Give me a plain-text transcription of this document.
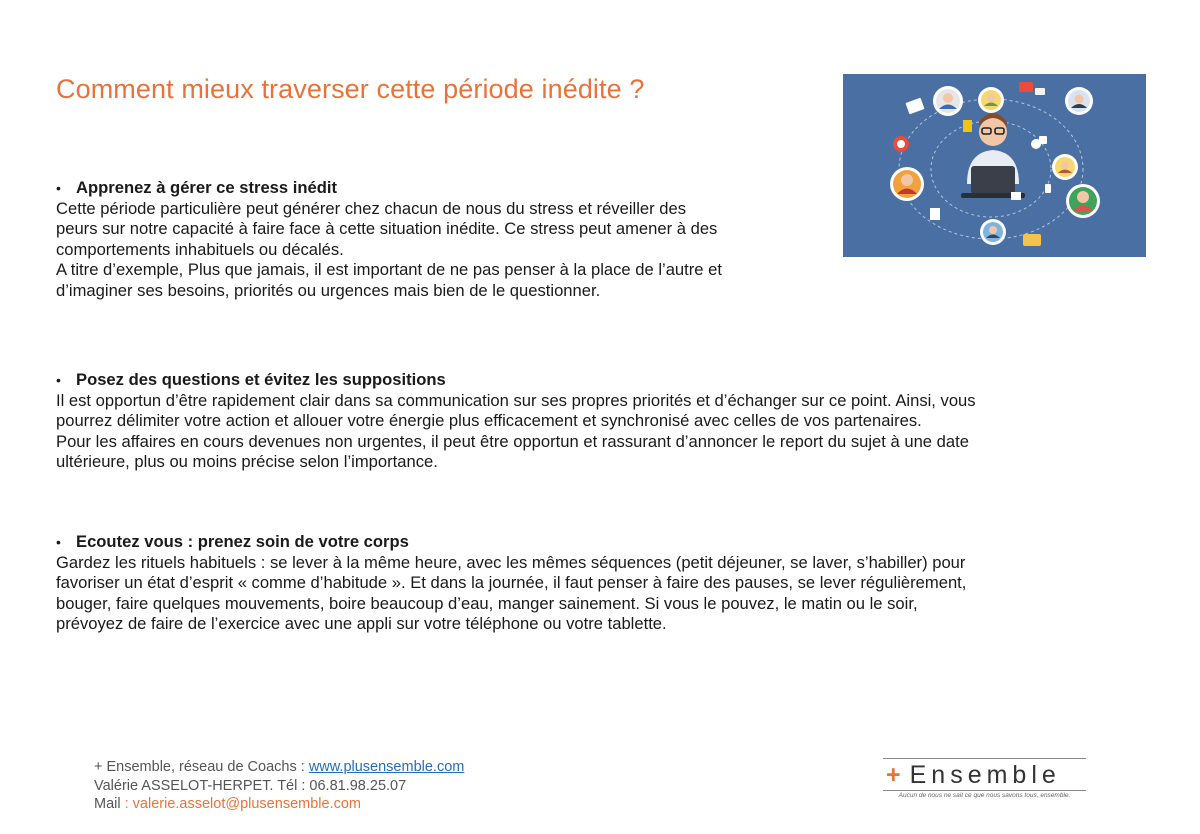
Comment mieux traverser cette période inédite ?
• Apprenez à gérer ce stress inédit

Cette période particulière peut générer chez chacun de nous du stress et réveiller des

peurs sur notre capacité à faire face à cette situation inédite. Ce stress peut amener à des

comportements inhabituels ou décalés.

A titre d’exemple, Plus que jamais, il est important de ne pas penser à la place de l’autre et

d’imaginer ses besoins, priorités ou urgences mais bien de le questionner.

• Posez des questions et évitez les suppositions

Il est opportun d’être rapidement clair dans sa communication sur ses propres priorités et d’échanger sur ce point. Ainsi, vous

pourrez délimiter votre action et allouer votre énergie plus efficacement et synchronisé avec celles de vos partenaires.

Pour les affaires en cours devenues non urgentes, il peut être opportun et rassurant d’annoncer le report du sujet à une date

ultérieure, plus ou moins précise selon l’importance.

• Ecoutez vous : prenez soin de votre corps

Gardez les rituels habituels : se lever à la même heure, avec les mêmes séquences (petit déjeuner, se laver, s’habiller) pour

favoriser un état d’esprit « comme d’habitude ». Et dans la journée, il faut penser à faire des pauses, se lever régulièrement,

bouger, faire quelques mouvements, boire beaucoup d’eau, manger sainement. Si vous le pouvez, le matin ou le soir,

prévoyez de faire de l’exercice avec une appli sur votre téléphone ou votre tablette.

+ Ensemble, réseau de Coachs : www.plusensemble.com
Valérie ASSELOT-HERPET. Tél : 06.81.98.25.07
Mail : valerie.asselot@plusensemble.com
+ Ensemble
Aucun de nous ne sait ce que nous savons tous, ensemble.
